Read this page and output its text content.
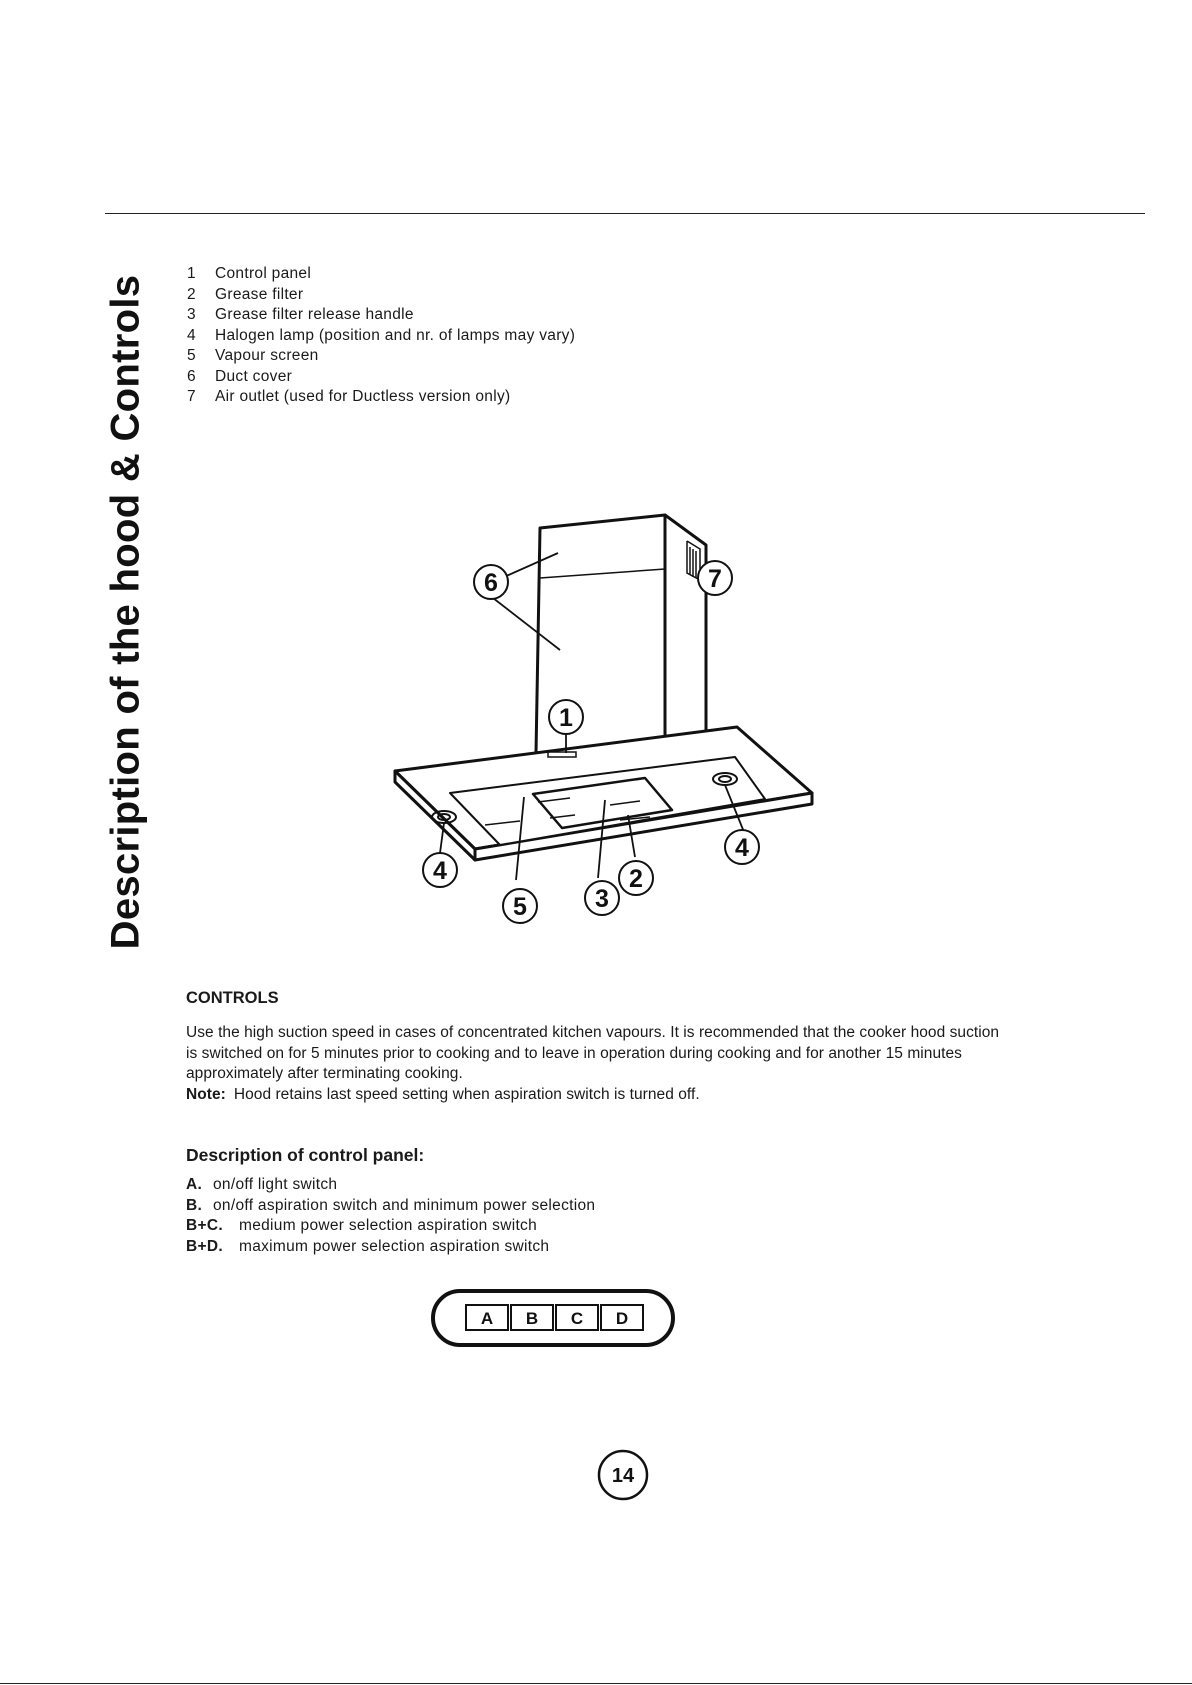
Description of the hood & Controls
1	Control panel
2	Grease filter
3	Grease filter release handle
4	Halogen lamp (position and nr. of lamps may vary)
5	Vapour screen
6	Duct cover
7	Air outlet (used for Ductless version only)
6	7
1
4
4
5	3
2
CONTROLS

Use the high suction speed in cases of concentrated kitchen vapours. It is recommended that the cooker hood suction

is switched on for 5 minutes prior to cooking and to leave in operation during cooking and for another 15 minutes

approximately after terminating cooking.

Note: Hood retains last speed setting when aspiration switch is turned off.

Description of control panel:
A. on/off light switch
B. on/off aspiration switch and minimum power selection
B+C. medium power selection aspiration switch
B+D. maximum power selection aspiration switch
A B C D
14
